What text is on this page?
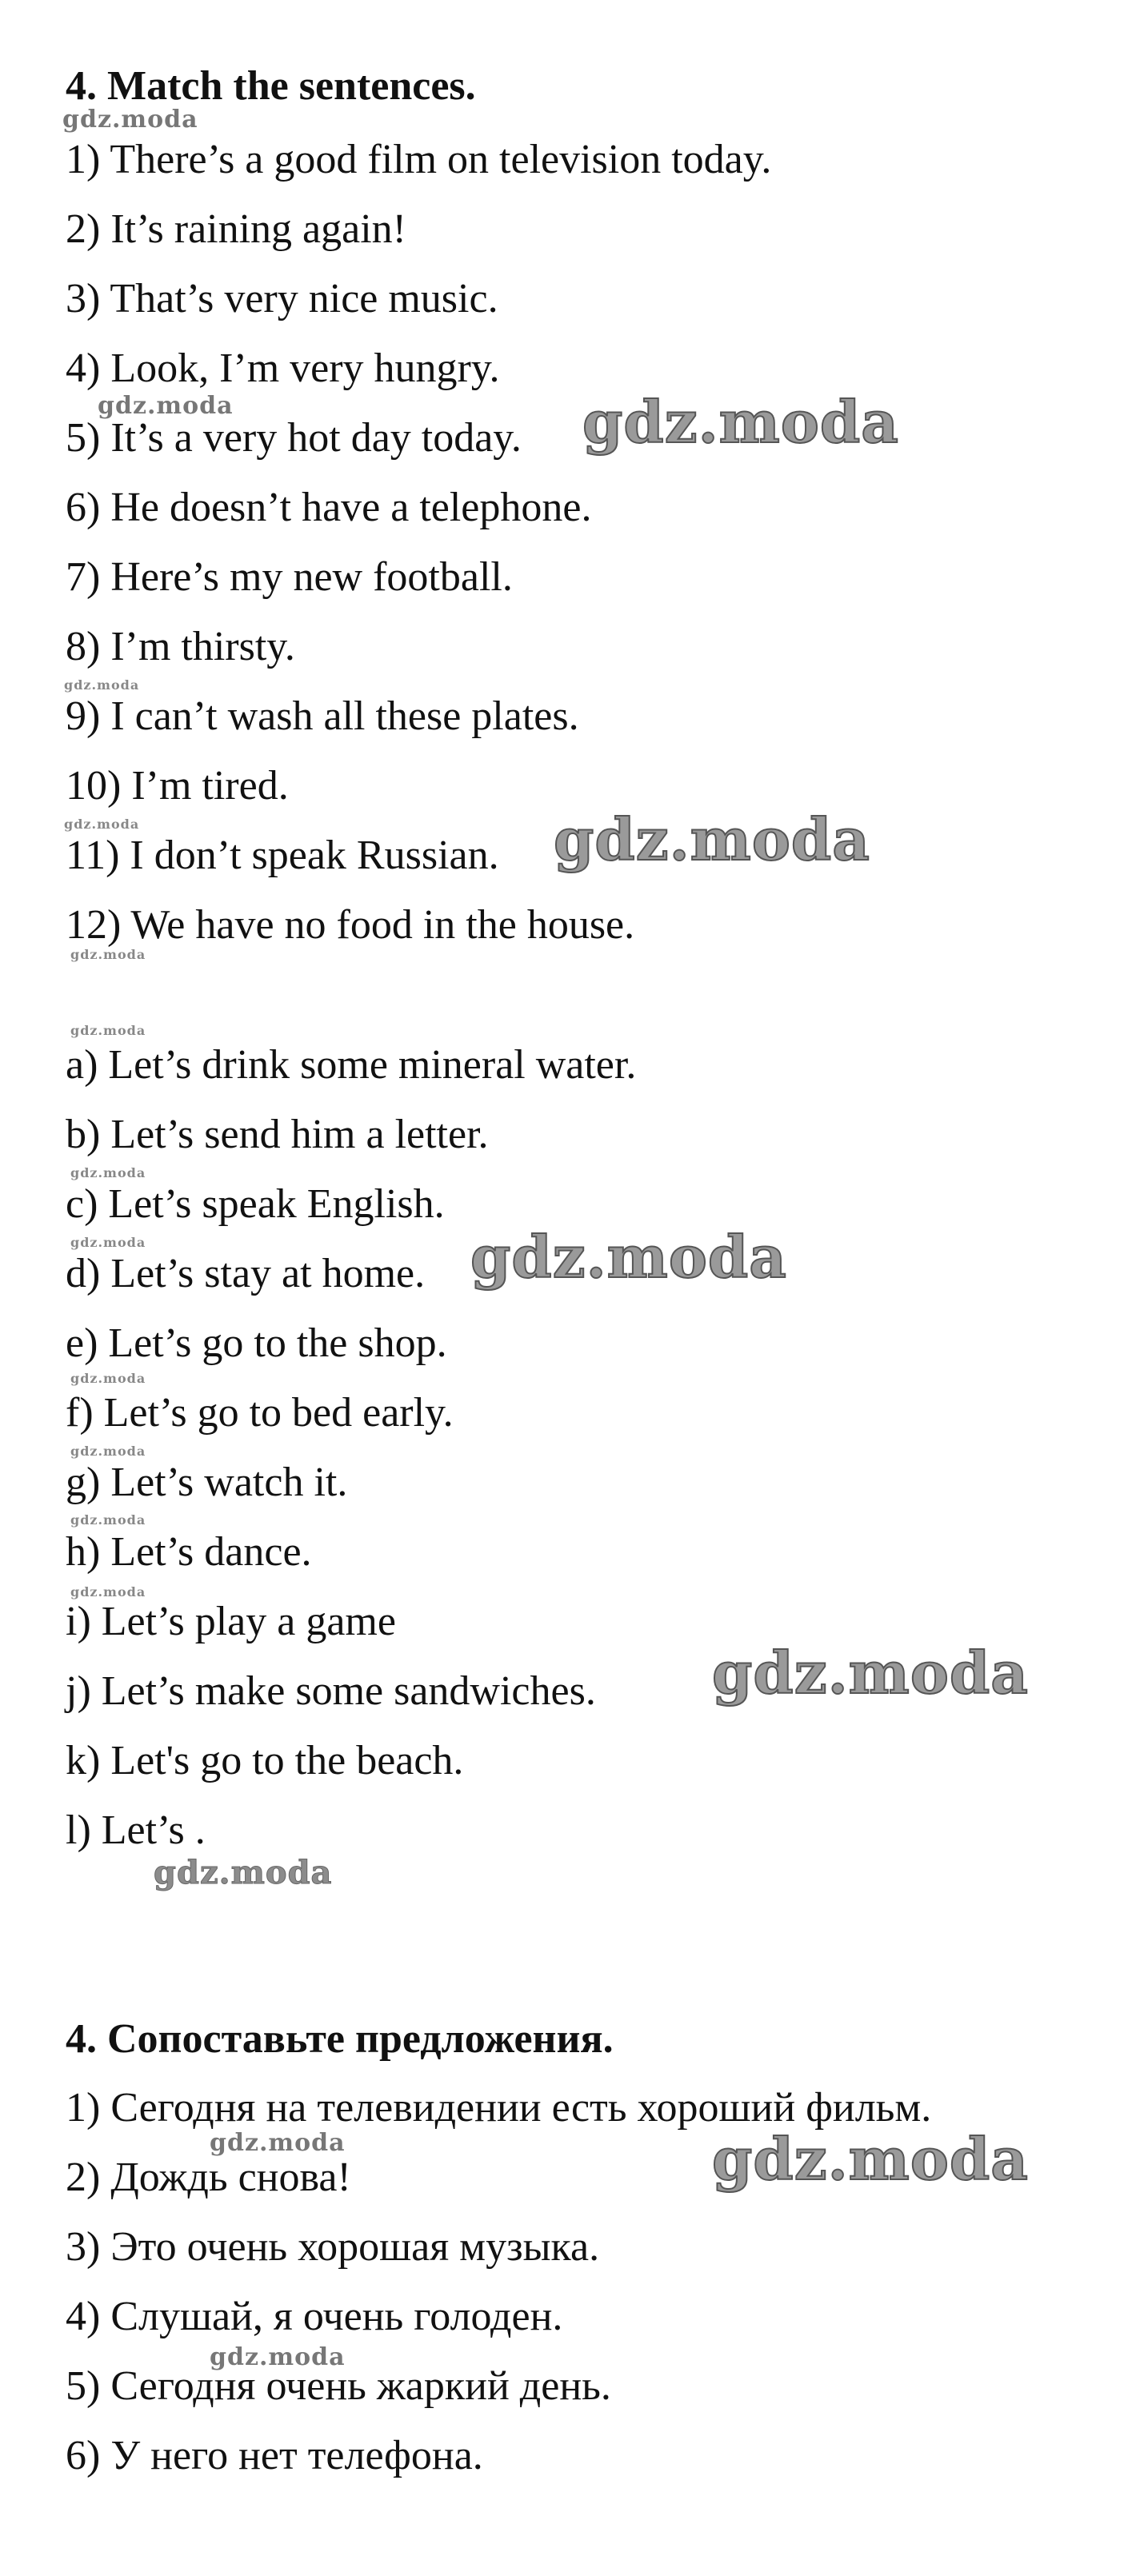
4. Match the sentences.
1) There’s a good film on television today.
2) It’s raining again!
3) That’s very nice music.
4) Look, I’m very hungry.
5) It’s a very hot day today.
6) He doesn’t have a telephone.
7) Here’s my new football.
8) I’m thirsty.
9) I can’t wash all these plates.
10) I’m tired.
11) I don’t speak Russian.
12) We have no food in the house.
a) Let’s drink some mineral water.
b) Let’s send him a letter.
c) Let’s speak English.
d) Let’s stay at home.
e) Let’s go to the shop.
f) Let’s go to bed early.
g) Let’s watch it.
h) Let’s dance.
i) Let’s play a game
j) Let’s make some sandwiches.
k) Let's go to the beach.
l) Let’s .
4. Сопоставьте предложения.
1) Сегодня на телевидении есть хороший фильм.
2) Дождь снова!
3) Это очень хорошая музыка.
4) Слушай, я очень голоден.
5) Сегодня очень жаркий день.
6) У него нет телефона.
gdz.moda
gdz.moda
gdz.moda
gdz.moda
gdz.moda	gdz.moda
gdz.moda
gdz.moda
gdz.moda
gdz.moda
gdz.moda
gdz.moda
gdz.moda
gdz.moda
gdz.moda
gdz.moda
gdz.moda
gdz.moda	gdz.moda
gdz.moda
